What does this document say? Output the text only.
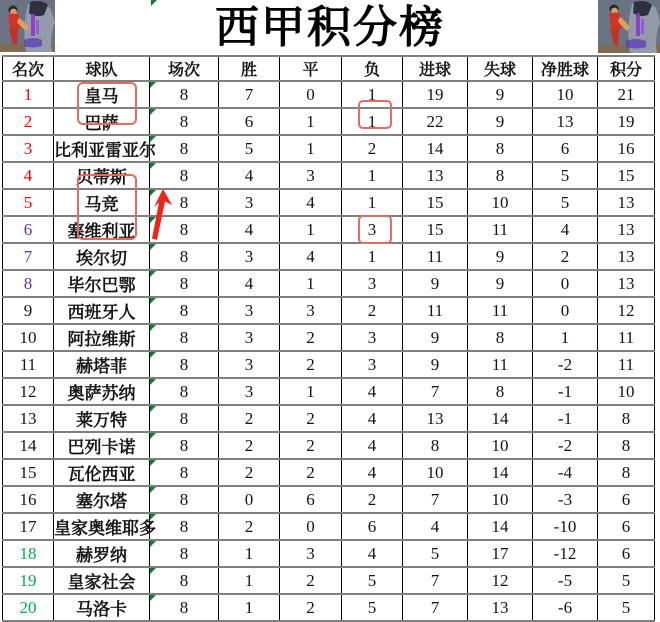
西甲积分榜
名次	球队	场次	胜	平	负	进球	失球	净胜球	积分
1	皇马	8	7	0	1	19	9	10	21
2	巴萨	8	6	1	1	22	9	13	19
3	比利亚雷亚尔	8	5	1	2	14	8	6	16
4	贝蒂斯	8	4	3	1	13	8	5	15
5	马竞	8	3	4	1	15	10	5	13
6	塞维利亚	8	4	1	3	15	11	4	13
7	埃尔切	8	3	4	1	11	9	2	13
8	毕尔巴鄂	8	4	1	3	9	9	0	13
9	西班牙人	8	3	3	2	11	11	0	12
10	阿拉维斯	8	3	2	3	9	8	1	11
11	赫塔菲	8	3	2	3	9	11	-2	11
12	奥萨苏纳	8	3	1	4	7	8	-1	10
13	莱万特	8	2	2	4	13	14	-1	8
14	巴列卡诺	8	2	2	4	8	10	-2	8
15	瓦伦西亚	8	2	2	4	10	14	-4	8
16	塞尔塔	8	0	6	2	7	10	-3	6
17	皇家奥维耶多	8	2	0	6	4	14	-10	6
18	赫罗纳	8	1	3	4	5	17	-12	6
19	皇家社会	8	1	2	5	7	12	-5	5
20	马洛卡	8	1	2	5	7	13	-6	5
